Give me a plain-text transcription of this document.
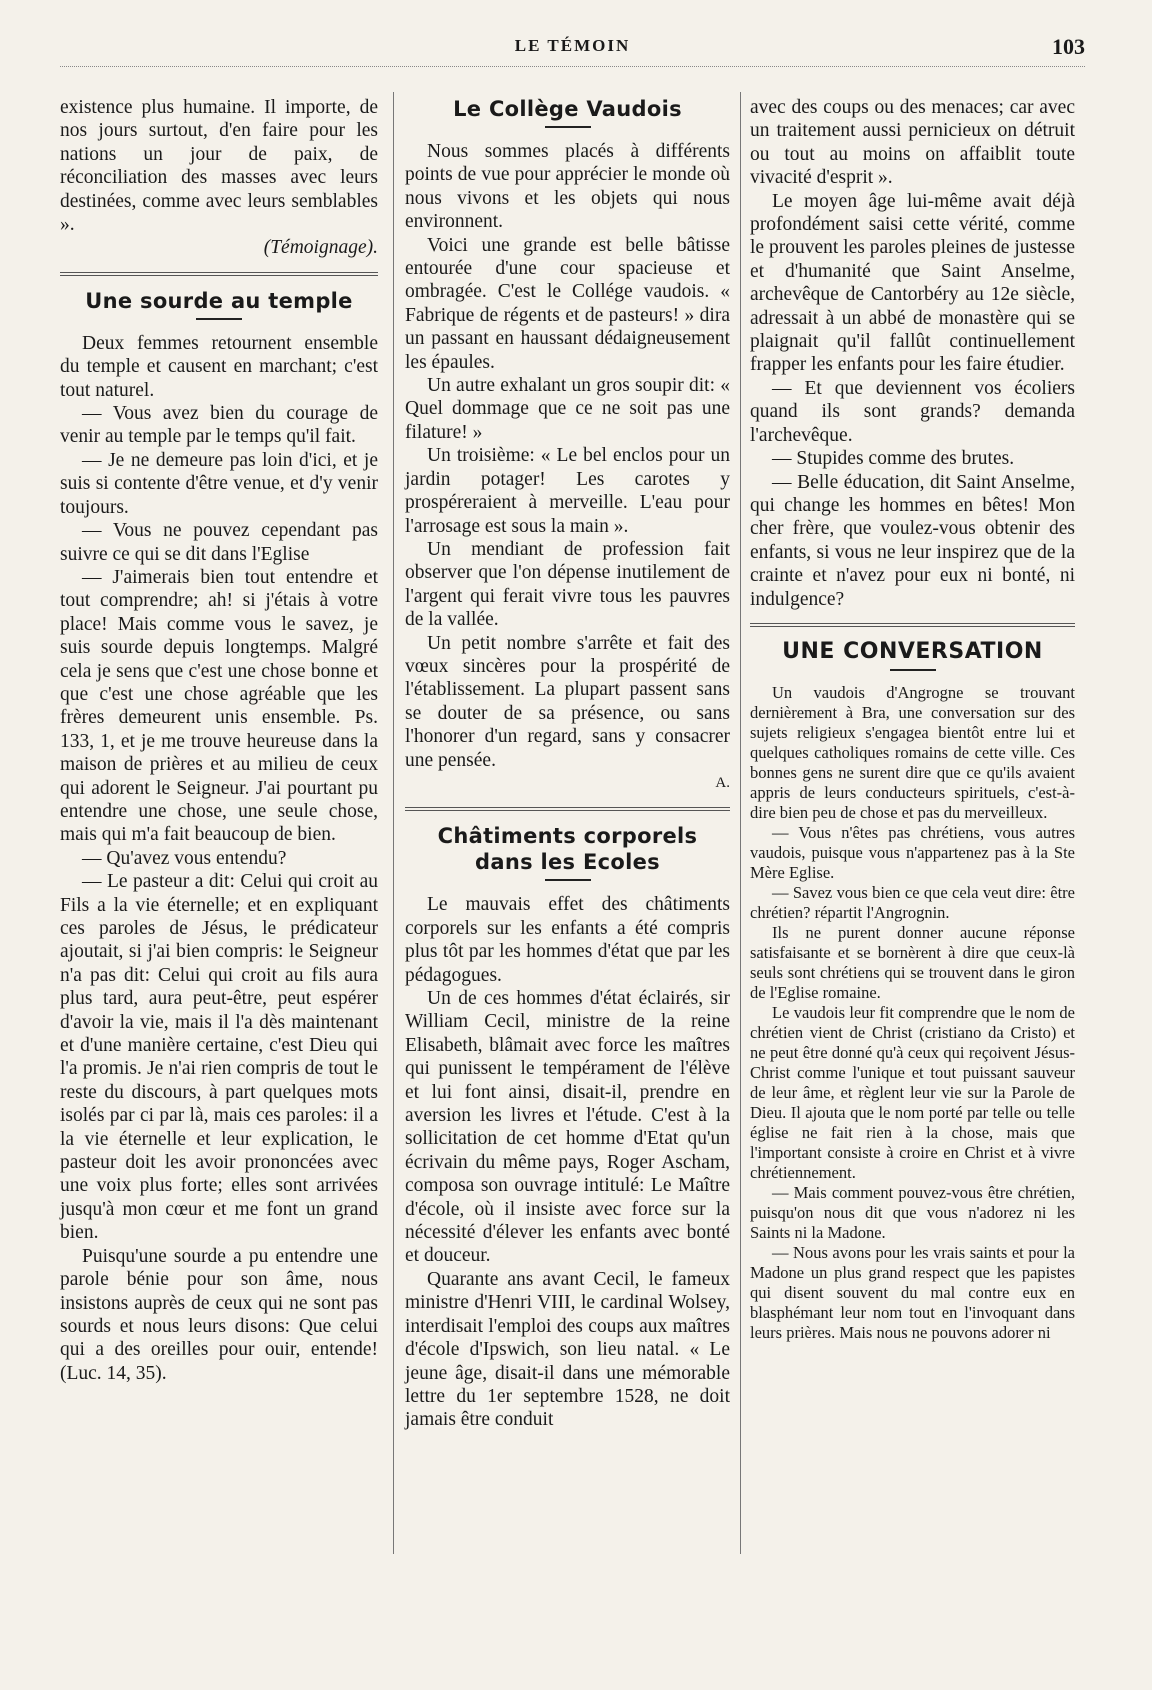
LE TÉMOIN	103

existence plus humaine. Il importe, de nos jours surtout, d'en faire pour les nations un jour de paix, de réconciliation des masses avec leurs destinées, comme avec leurs semblables ».

(Témoignage).

Une sourde au temple

Deux femmes retournent ensemble du temple et causent en marchant; c'est tout naturel.

— Vous avez bien du courage de venir au temple par le temps qu'il fait.

— Je ne demeure pas loin d'ici, et je suis si contente d'être venue, et d'y venir toujours.

— Vous ne pouvez cependant pas suivre ce qui se dit dans l'Eglise

— J'aimerais bien tout entendre et tout comprendre; ah! si j'étais à votre place! Mais comme vous le savez, je suis sourde depuis longtemps. Malgré cela je sens que c'est une chose bonne et que c'est une chose agréable que les frères demeurent unis ensemble. Ps. 133, 1, et je me trouve heureuse dans la maison de prières et au milieu de ceux qui adorent le Seigneur. J'ai pourtant pu entendre une chose, une seule chose, mais qui m'a fait beaucoup de bien.

— Qu'avez vous entendu?

— Le pasteur a dit: Celui qui croit au Fils a la vie éternelle; et en expliquant ces paroles de Jésus, le prédicateur ajoutait, si j'ai bien compris: le Seigneur n'a pas dit: Celui qui croit au fils aura plus tard, aura peut-être, peut espérer d'avoir la vie, mais il l'a dès maintenant et d'une manière certaine, c'est Dieu qui l'a promis. Je n'ai rien compris de tout le reste du discours, à part quelques mots isolés par ci par là, mais ces paroles: il a la vie éternelle et leur explication, le pasteur doit les avoir prononcées avec une voix plus forte; elles sont arrivées jusqu'à mon cœur et me font un grand bien.

Puisqu'une sourde a pu entendre une parole bénie pour son âme, nous insistons auprès de ceux qui ne sont pas sourds et nous leurs disons: Que celui qui a des oreilles pour ouir, entende! (Luc. 14, 35).

Le Collège Vaudois

Nous sommes placés à différents points de vue pour apprécier le monde où nous vivons et les objets qui nous environnent.

Voici une grande est belle bâtisse entourée d'une cour spacieuse et ombragée. C'est le Collége vaudois. « Fabrique de régents et de pasteurs! » dira un passant en haussant dédaigneusement les épaules.

Un autre exhalant un gros soupir dit: « Quel dommage que ce ne soit pas une filature! »

Un troisième: « Le bel enclos pour un jardin potager! Les carotes y prospéreraient à merveille. L'eau pour l'arrosage est sous la main ».

Un mendiant de profession fait observer que l'on dépense inutilement de l'argent qui ferait vivre tous les pauvres de la vallée.

Un petit nombre s'arrête et fait des vœux sincères pour la prospérité de l'établissement. La plupart passent sans se douter de sa présence, ou sans l'honorer d'un regard, sans y consacrer une pensée.

A.

Châtiments corporels dans les Ecoles

Le mauvais effet des châtiments corporels sur les enfants a été compris plus tôt par les hommes d'état que par les pédagogues.

Un de ces hommes d'état éclairés, sir William Cecil, ministre de la reine Elisabeth, blâmait avec force les maîtres qui punissent le tempérament de l'élève et lui font ainsi, disait-il, prendre en aversion les livres et l'étude. C'est à la sollicitation de cet homme d'Etat qu'un écrivain du même pays, Roger Ascham, composa son ouvrage intitulé: Le Maître d'école, où il insiste avec force sur la nécessité d'élever les enfants avec bonté et douceur.

Quarante ans avant Cecil, le fameux ministre d'Henri VIII, le cardinal Wolsey, interdisait l'emploi des coups aux maîtres d'école d'Ipswich, son lieu natal. « Le jeune âge, disait-il dans une mémorable lettre du 1er septembre 1528, ne doit jamais être conduit

avec des coups ou des menaces; car avec un traitement aussi pernicieux on détruit ou tout au moins on affaiblit toute vivacité d'esprit ».

Le moyen âge lui-même avait déjà profondément saisi cette vérité, comme le prouvent les paroles pleines de justesse et d'humanité que Saint Anselme, archevêque de Cantorbéry au 12e siècle, adressait à un abbé de monastère qui se plaignait qu'il fallût continuellement frapper les enfants pour les faire étudier.

— Et que deviennent vos écoliers quand ils sont grands? demanda l'archevêque.

— Stupides comme des brutes.

— Belle éducation, dit Saint Anselme, qui change les hommes en bêtes! Mon cher frère, que voulez-vous obtenir des enfants, si vous ne leur inspirez que de la crainte et n'avez pour eux ni bonté, ni indulgence?

UNE CONVERSATION

Un vaudois d'Angrogne se trouvant dernièrement à Bra, une conversation sur des sujets religieux s'engagea bientôt entre lui et quelques catholiques romains de cette ville. Ces bonnes gens ne surent dire que ce qu'ils avaient appris de leurs conducteurs spirituels, c'est-à-dire bien peu de chose et pas du merveilleux.

— Vous n'êtes pas chrétiens, vous autres vaudois, puisque vous n'appartenez pas à la Ste Mère Eglise.

— Savez vous bien ce que cela veut dire: être chrétien? répartit l'Angrognin.

Ils ne purent donner aucune réponse satisfaisante et se bornèrent à dire que ceux-là seuls sont chrétiens qui se trouvent dans le giron de l'Eglise romaine.

Le vaudois leur fit comprendre que le nom de chrétien vient de Christ (cristiano da Cristo) et ne peut être donné qu'à ceux qui reçoivent Jésus-Christ comme l'unique et tout puissant sauveur de leur âme, et règlent leur vie sur la Parole de Dieu. Il ajouta que le nom porté par telle ou telle église ne fait rien à la chose, mais que l'important consiste à croire en Christ et à vivre chrétiennement.

— Mais comment pouvez-vous être chrétien, puisqu'on nous dit que vous n'adorez ni les Saints ni la Madone.

— Nous avons pour les vrais saints et pour la Madone un plus grand respect que les papistes qui disent souvent du mal contre eux en blasphémant leur nom tout en l'invoquant dans leurs prières. Mais nous ne pouvons adorer ni
